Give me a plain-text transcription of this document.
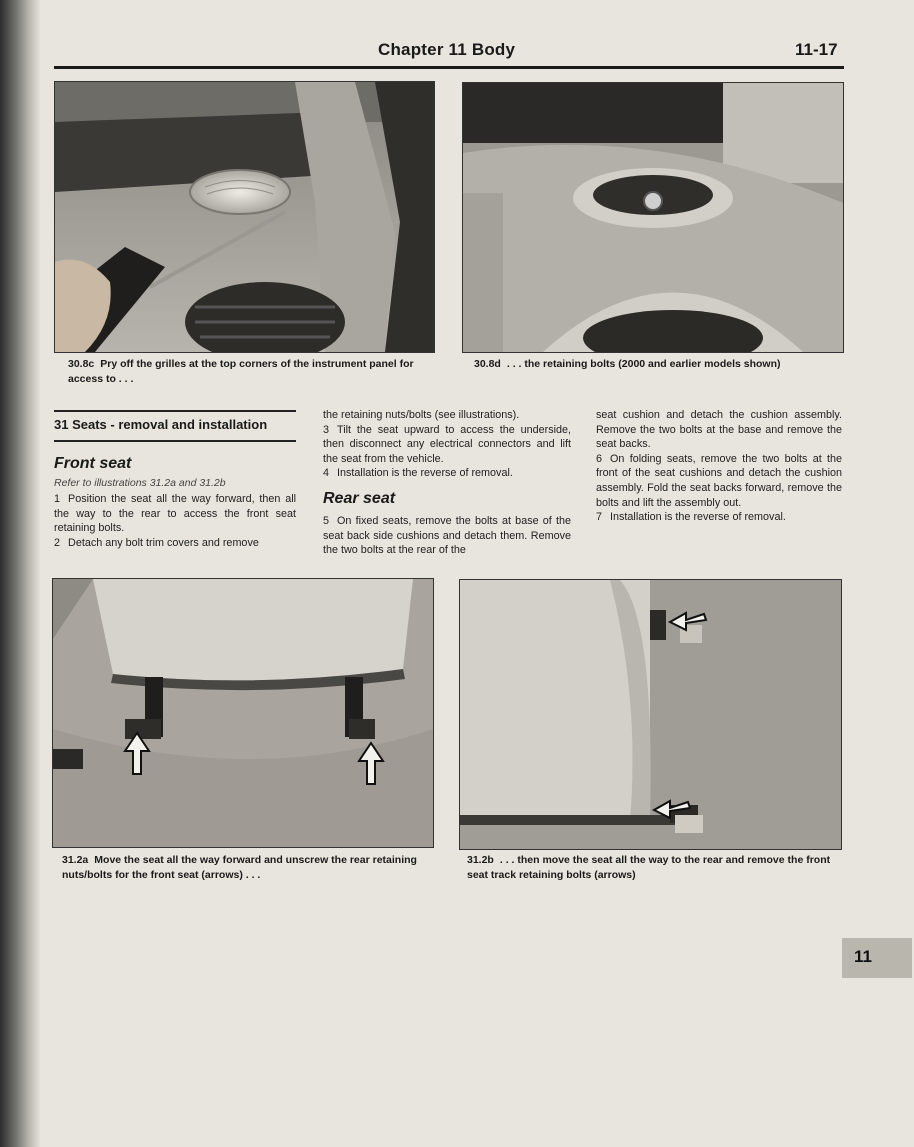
Chapter 11 Body	11-17
30.8c Pry off the grilles at the top corners of the instrument panel for access to . . .
30.8d . . . the retaining bolts (2000 and earlier models shown)
31 Seats - removal and installation
Front seat
Refer to illustrations 31.2a and 31.2b

1 Position the seat all the way forward, then all the way to the rear to access the front seat retaining bolts.

2 Detach any bolt trim covers and remove

the retaining nuts/bolts (see illustrations).

3 Tilt the seat upward to access the underside, then disconnect any electrical connectors and lift the seat from the vehicle.

4 Installation is the reverse of removal.

Rear seat

5 On fixed seats, remove the bolts at base of the seat back side cushions and detach them. Remove the two bolts at the rear of the

seat cushion and detach the cushion assembly. Remove the two bolts at the base and remove the seat backs.

6 On folding seats, remove the two bolts at the front of the seat cushions and detach the cushion assembly. Fold the seat backs forward, remove the bolts and lift the assembly out.

7 Installation is the reverse of removal.

31.2a Move the seat all the way forward and unscrew the rear retaining nuts/bolts for the front seat (arrows) . . .
31.2b . . . then move the seat all the way to the rear and remove the front seat track retaining bolts (arrows)
11
